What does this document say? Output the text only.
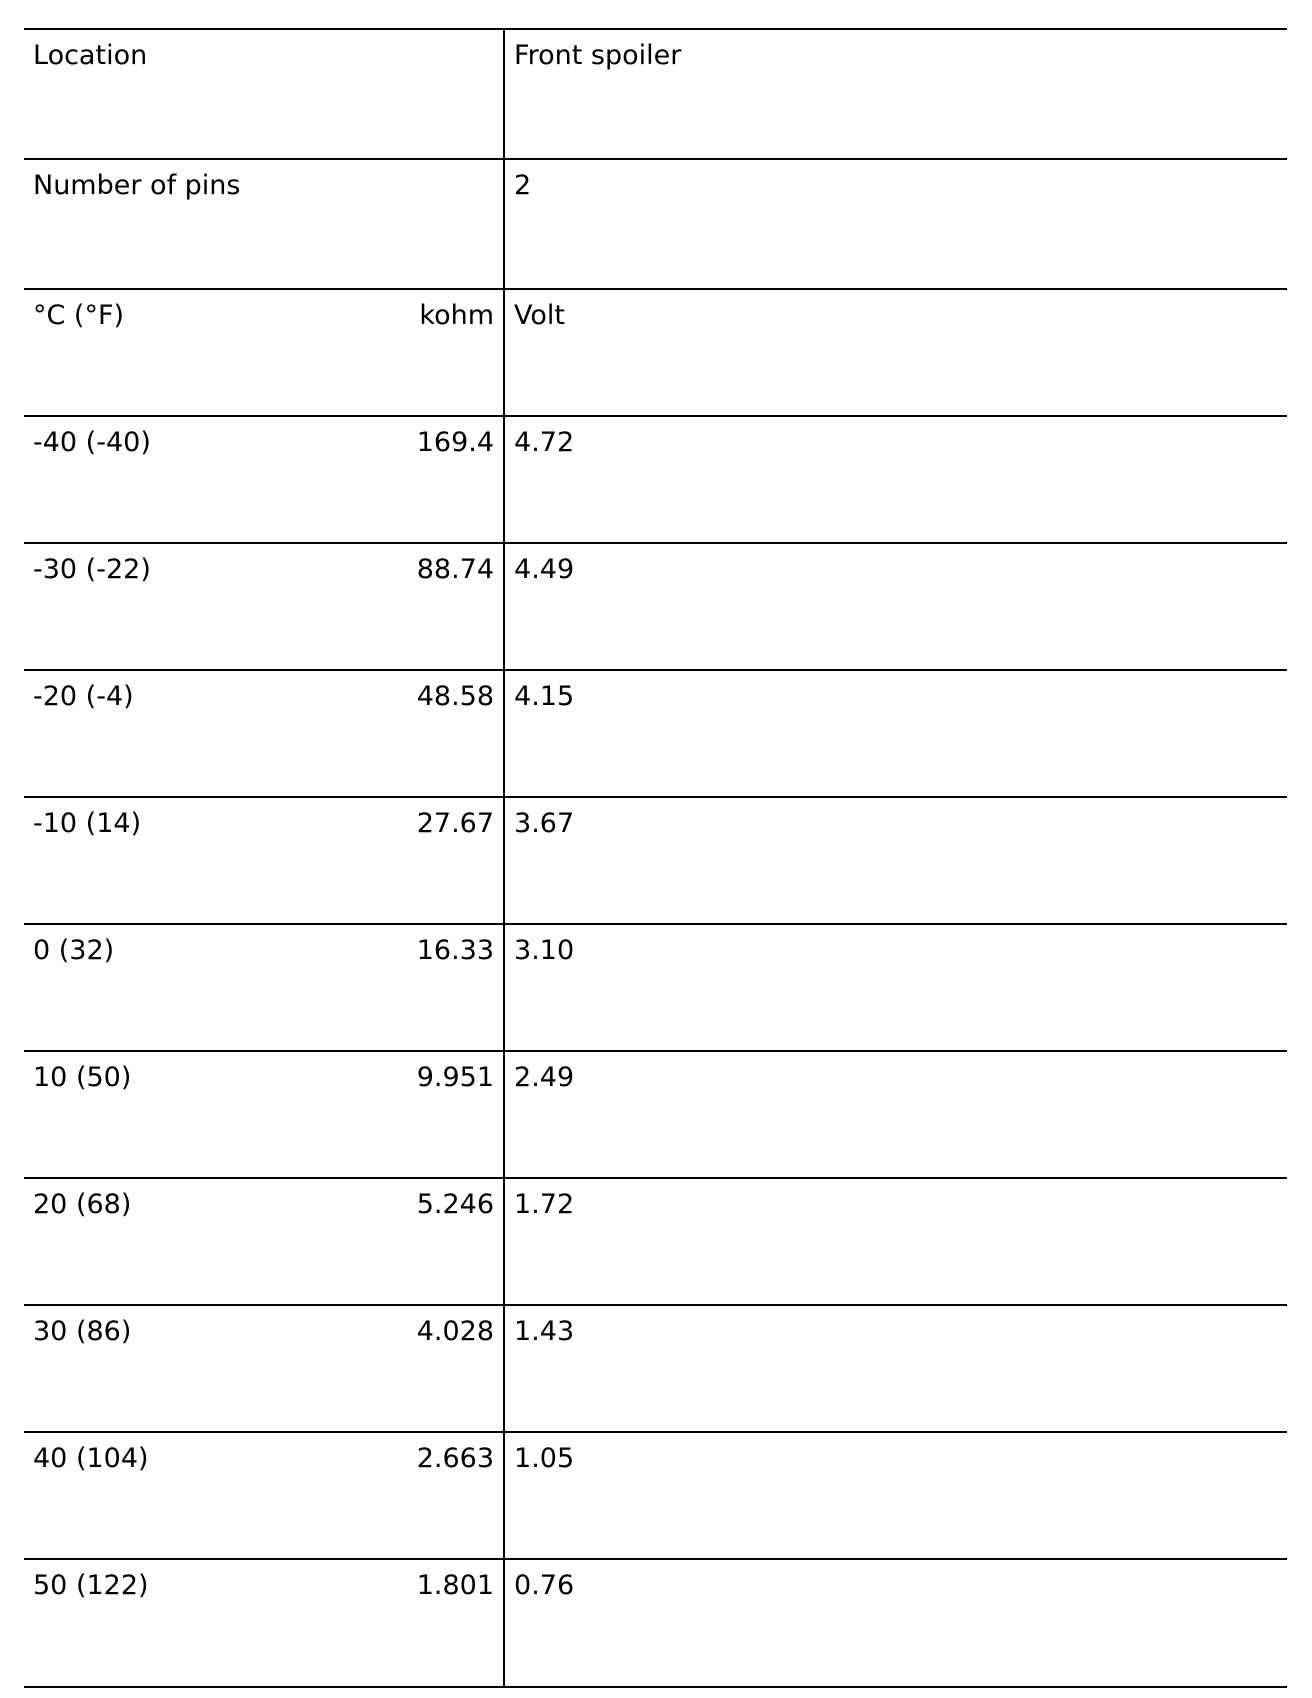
Location		Front spoiler
Number of pins		2
°C (°F)	kohm	Volt
-40 (-40)	169.4	4.72
-30 (-22)	88.74	4.49
-20 (-4)	48.58	4.15
-10 (14)	27.67	3.67
0 (32)	16.33	3.10
10 (50)	9.951	2.49
20 (68)	5.246	1.72
30 (86)	4.028	1.43
40 (104)	2.663	1.05
50 (122)	1.801	0.76
